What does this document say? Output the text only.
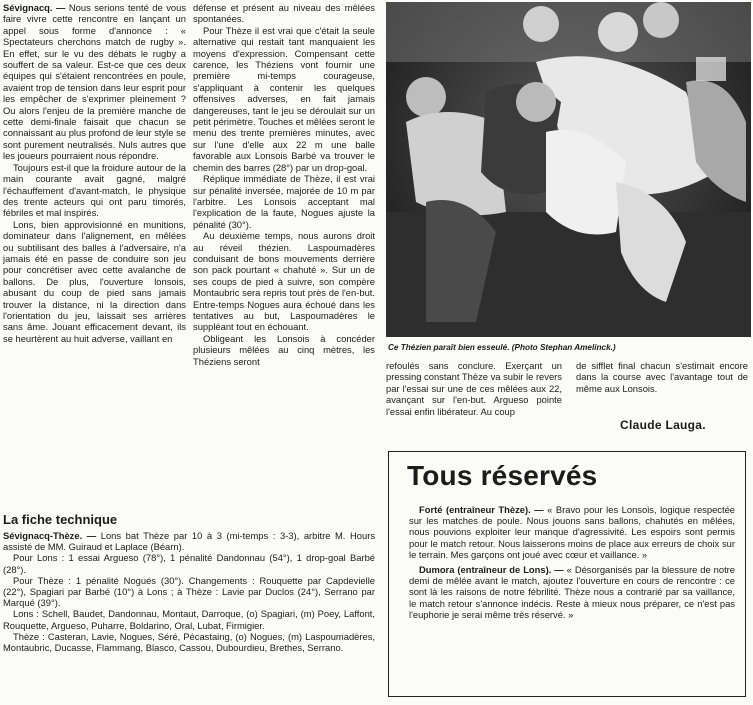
Sévignacq. — Nous serions tenté de vous faire vivre cette rencontre en lançant un appel sous forme d'annonce : « Spectateurs cherchons match de rugby ». En effet, sur le vu des débats le rugby a souffert de sa valeur. Est-ce que ces deux équipes qui s'étaient rencontrées en poule, avaient trop de tension dans leur esprit pour les empêcher de s'exprimer pleinement ? Ou alors l'enjeu de la première manche de cette demi-finale faisait que chacun se connaissant au plus profond de leur style se sont purement neutralisés. Nuls autres que les joueurs pourraient nous répondre.

Toujours est-il que la froidure autour de la main courante avait gagné, malgré l'échauffement d'avant-match, le physique des trente acteurs qui ont paru timorés, fébriles et mal inspirés.

Lons, bien approvisionné en munitions, dominateur dans l'alignement, en mêlées ou subtilisant des balles à l'adversaire, n'a jamais été en passe de conduire son jeu pour concrétiser avec cette avalanche de ballons. De plus, l'ouverture lonsois, abusant du coup de pied sans jamais trouver la distance, ni la direction dans l'orientation du jeu, laissait ses arrières sans âme. Jouant efficacement devant, ils se heurtèrent au huit adverse, vaillant en

défense et présent au niveau des mêlées spontanées.

Pour Thèze il est vrai que c'était la seule alternative qui restait tant manquaient les moyens d'expression. Compensant cette carence, les Théziens vont fournir une première mi-temps courageuse, s'appliquant à contenir les quelques offensives adverses, en fait jamais dangereuses, tant le jeu se déroulait sur un petit périmètre. Touches et mêlées seront le menu des trente premières minutes, avec sur l'une d'elle aux 22 m une balle favorable aux Lonsois Barbé va trouver le chemin des barres (28°) par un drop-goal.

Réplique immédiate de Thèze, il est vrai sur pénalité inversée, majorée de 10 m par l'arbitre. Les Lonsois acceptant mal l'explication de la faute, Nogues ajuste la pénalité (30°).

Au deuxième temps, nous aurons droit au réveil thézien. Laspoumadères conduisant de bons mouvements derrière son pack pourtant « chahuté ». Sur un de ses coups de pied à suivre, son compère Montaubric sera repris tout près de l'en-but. Entre-temps Nogues aura échoué dans les tentatives au but, Laspoumadères le suppléant tout en échouant.

Obligeant les Lonsois à concéder plusieurs mêlées au cinq mètres, les Théziens seront

Ce Thézien paraît bien esseulé. (Photo Stephan Amelinck.)

refoulés sans conclure. Exerçant un pressing constant Thèze va subir le revers par l'essai sur une de ces mêlées aux 22, avançant sur l'en-but. Argueso pointe l'essai enfin libérateur. Au coup

de sifflet final chacun s'estimait encore dans la course avec l'avantage tout de même aux Lonsois.

Claude Lauga.
La fiche technique

Sévignacq-Thèze. — Lons bat Thèze par 10 à 3 (mi-temps : 3-3), arbitre M. Hours assisté de MM. Guiraud et Laplace (Béarn).

Pour Lons : 1 essai Argueso (78°), 1 pénalité Dandonnau (54°), 1 drop-goal Barbé (28°).

Pour Thèze : 1 pénalité Nogués (30°). Changements : Rouquette par Capdevielle (22°), Spagiari par Barbé (10°) à Lons ; à Thèze : Lavie par Duclos (24°), Serrano par Marqué (39°).

Lons : Schell, Baudet, Dandonnau, Montaut, Darroque, (o) Spagiari, (m) Poey, Laffont, Rouquette, Argueso, Puharre, Boldarino, Oral, Lubat, Firmigier.

Thèze : Casteran, Lavie, Nogues, Séré, Pécastaing, (o) Nogues, (m) Laspoumadères, Montaubric, Ducasse, Flammang, Blasco, Cassou, Dubourdieu, Brethes, Serrano.

Tous réservés

Forté (entraîneur Thèze). — « Bravo pour les Lonsois, logique respectée sur les matches de poule. Nous jouons sans ballons, chahutés en mêlées, nous pouvions exploiter leur manque d'agressivité. Les espoirs sont permis pour le match retour. Nous laisserons moins de place aux erreurs de choix sur le terrain. Mes garçons ont joué avec cœur et vaillance. »

Dumora (entraîneur de Lons). — « Désorganisés par la blessure de notre demi de mêlée avant le match, ajoutez l'ouverture en cours de rencontre : ce sont là les raisons de notre fébrilité. Thèze nous a contrarié par sa vaillance, le match retour s'annonce indécis. Reste à mieux nous préparer, ce n'est pas l'euphorie je serai même très réservé. »
